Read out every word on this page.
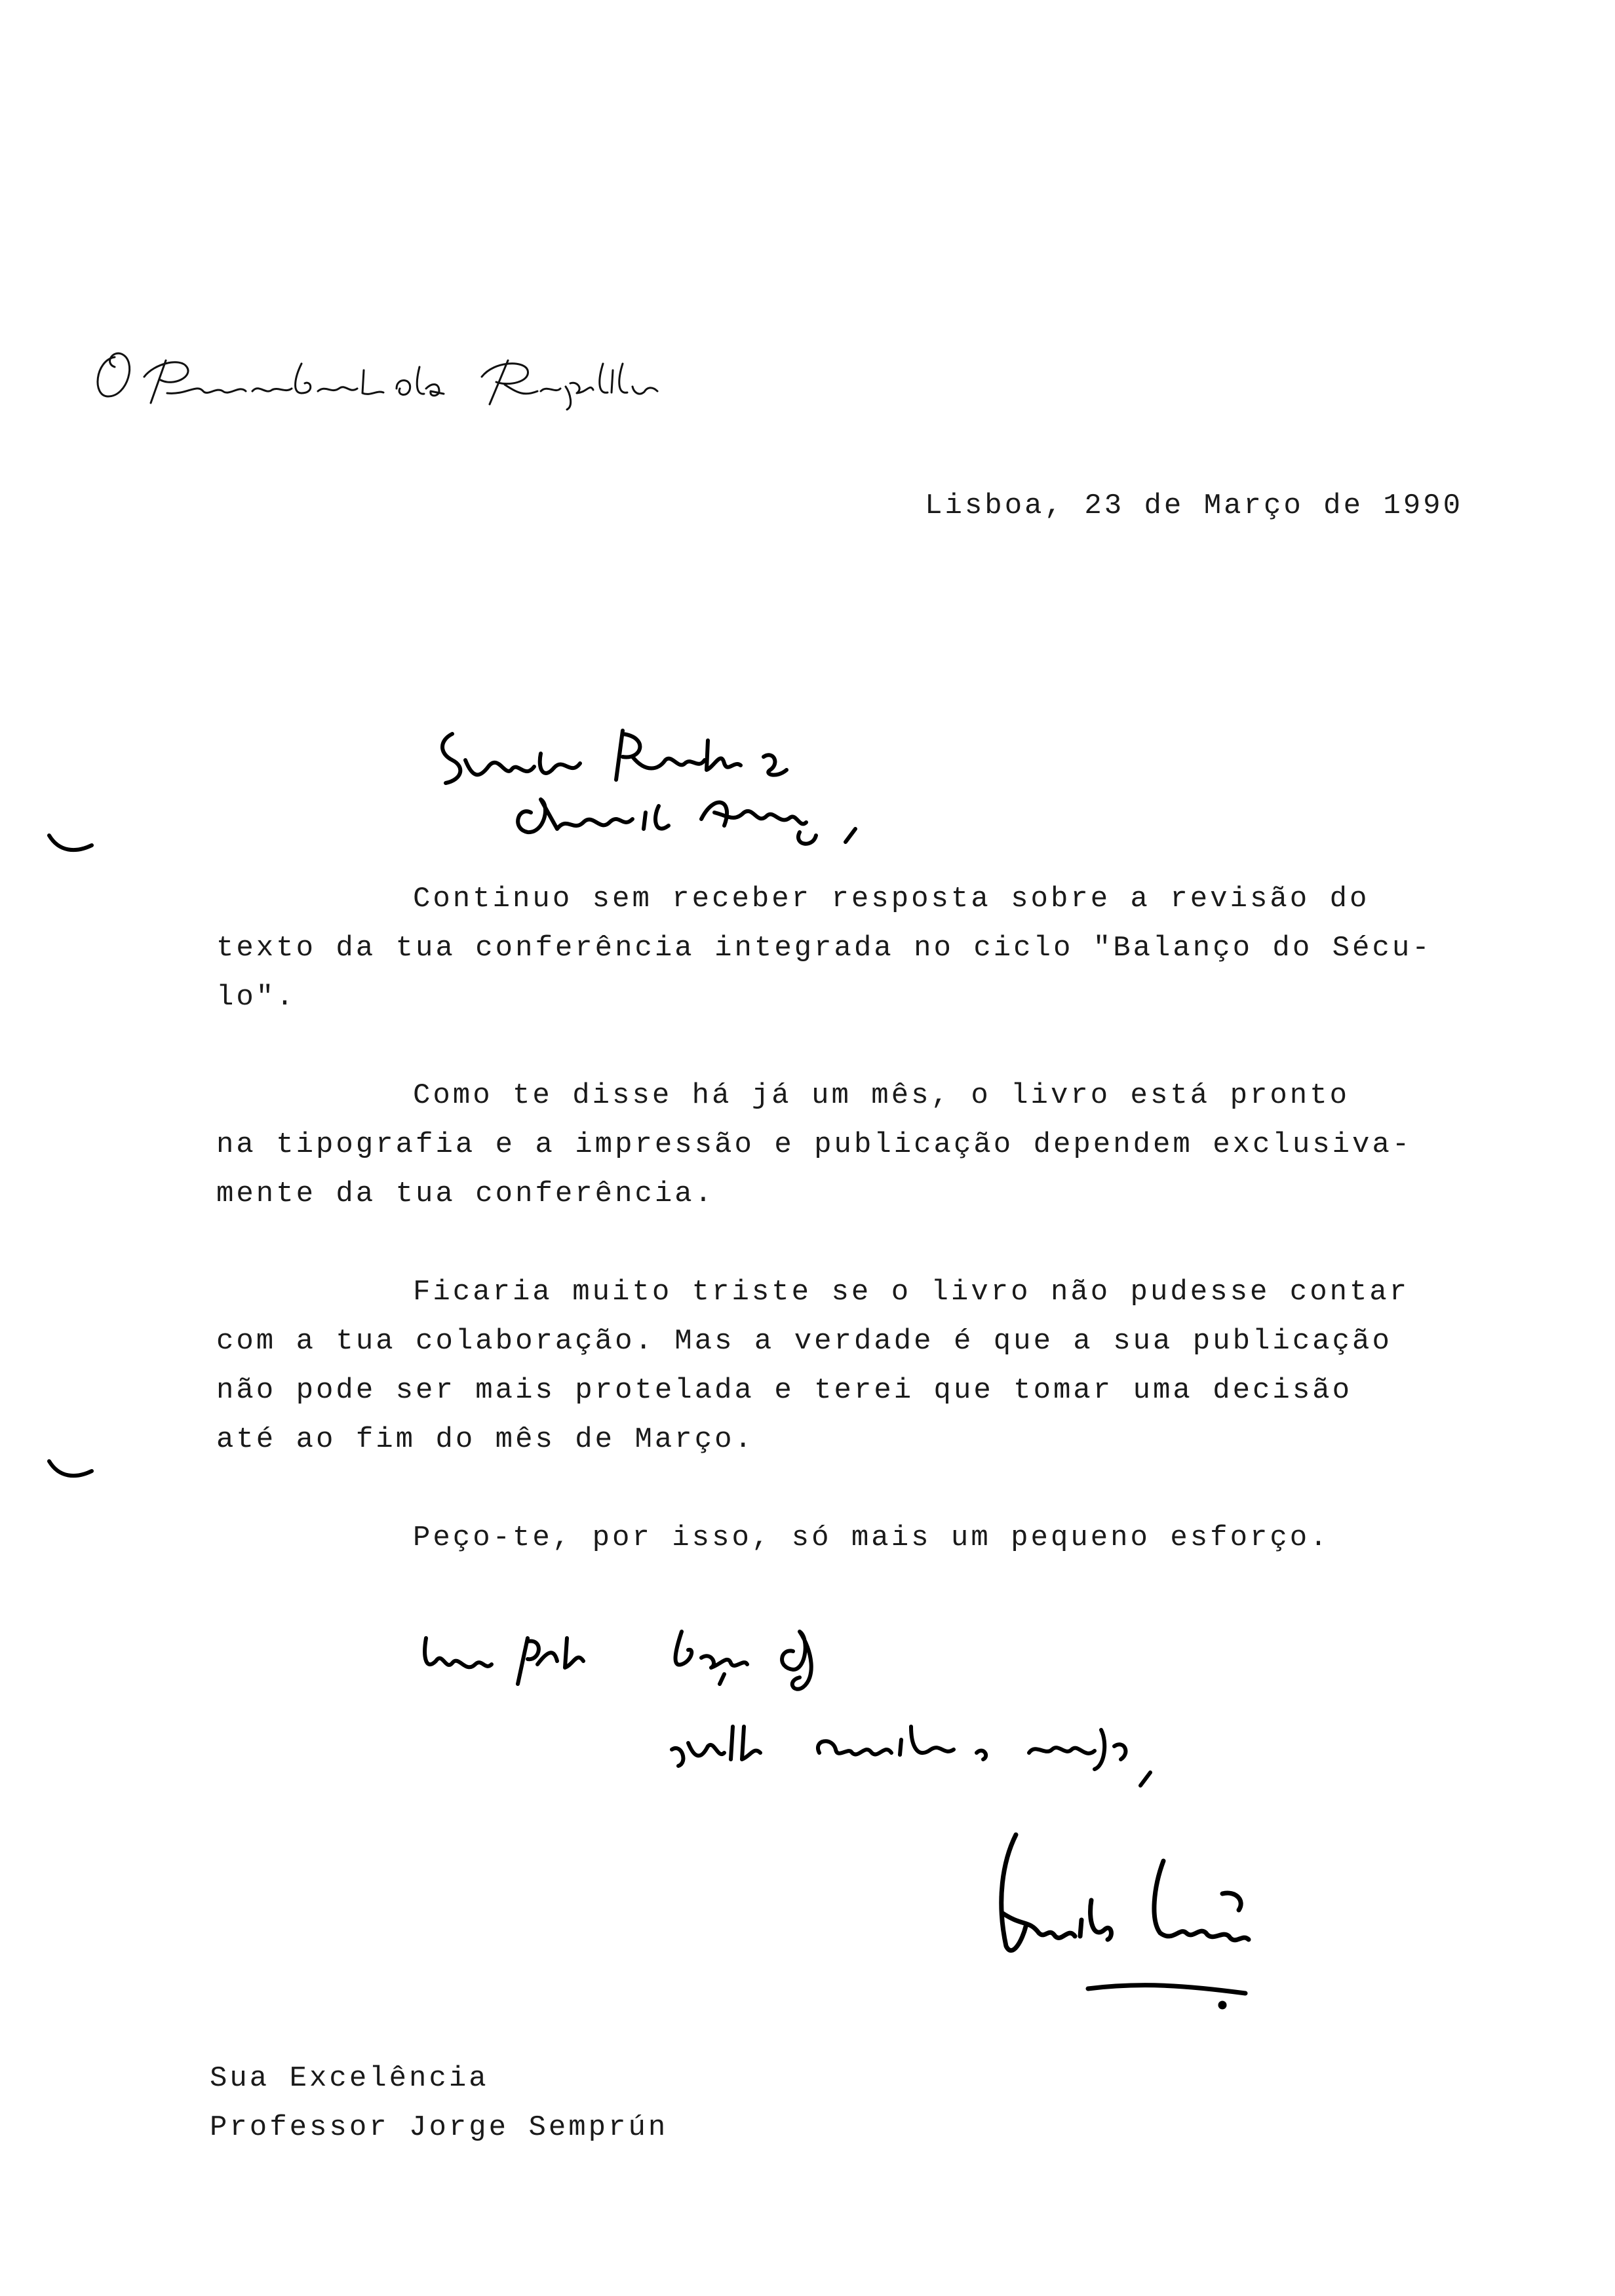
Lisboa, 23 de Março de 1990
Continuo sem receber resposta sobre a revisão do
texto da tua conferência integrada no ciclo "Balanço do Sécu-
lo".
Como te disse há já um mês, o livro está pronto
na tipografia e a impressão e publicação dependem exclusiva-
mente da tua conferência.
Ficaria muito triste se o livro não pudesse contar
com a tua colaboração. Mas a verdade é que a sua publicação
não pode ser mais protelada e terei que tomar uma decisão
até ao fim do mês de Março.
Peço-te, por isso, só mais um pequeno esforço.
Sua Excelência
Professor Jorge Semprún
